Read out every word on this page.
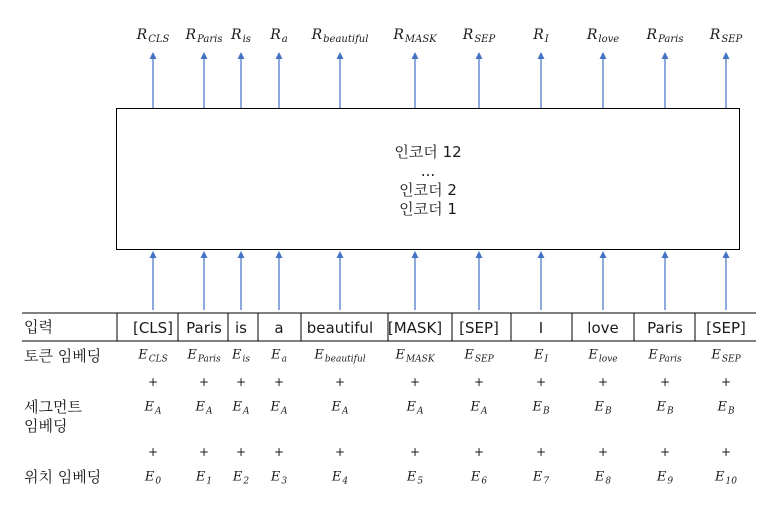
인코더 12
...
인코더 2
인코더 1
입력
토큰 임베딩
세그먼트
임베딩
위치 임베딩
$R_{CLS}$
[CLS]
$E_{CLS}$
+
$E_A$
+
$E_0$
$R_{Paris}$
Paris
$E_{Paris}$
+
$E_A$
+
$E_1$
$R_{is}$
is
$E_{is}$
+
$E_A$
+
$E_2$
$R_a$
a
$E_a$
+
$E_A$
+
$E_3$
$R_{beautiful}$
beautiful
$E_{beautiful}$
+
$E_A$
+
$E_4$
$R_{MASK}$
[MASK]
$E_{MASK}$
+
$E_A$
+
$E_5$
$R_{SEP}$
[SEP]
$E_{SEP}$
+
$E_A$
+
$E_6$
$R_I$
I
$E_I$
+
$E_B$
+
$E_7$
$R_{love}$
love
$E_{love}$
+
$E_B$
+
$E_8$
$R_{Paris}$
Paris
$E_{Paris}$
+
$E_B$
+
$E_9$
$R_{SEP}$
[SEP]
$E_{SEP}$
+
$E_B$
+
$E_{10}$
